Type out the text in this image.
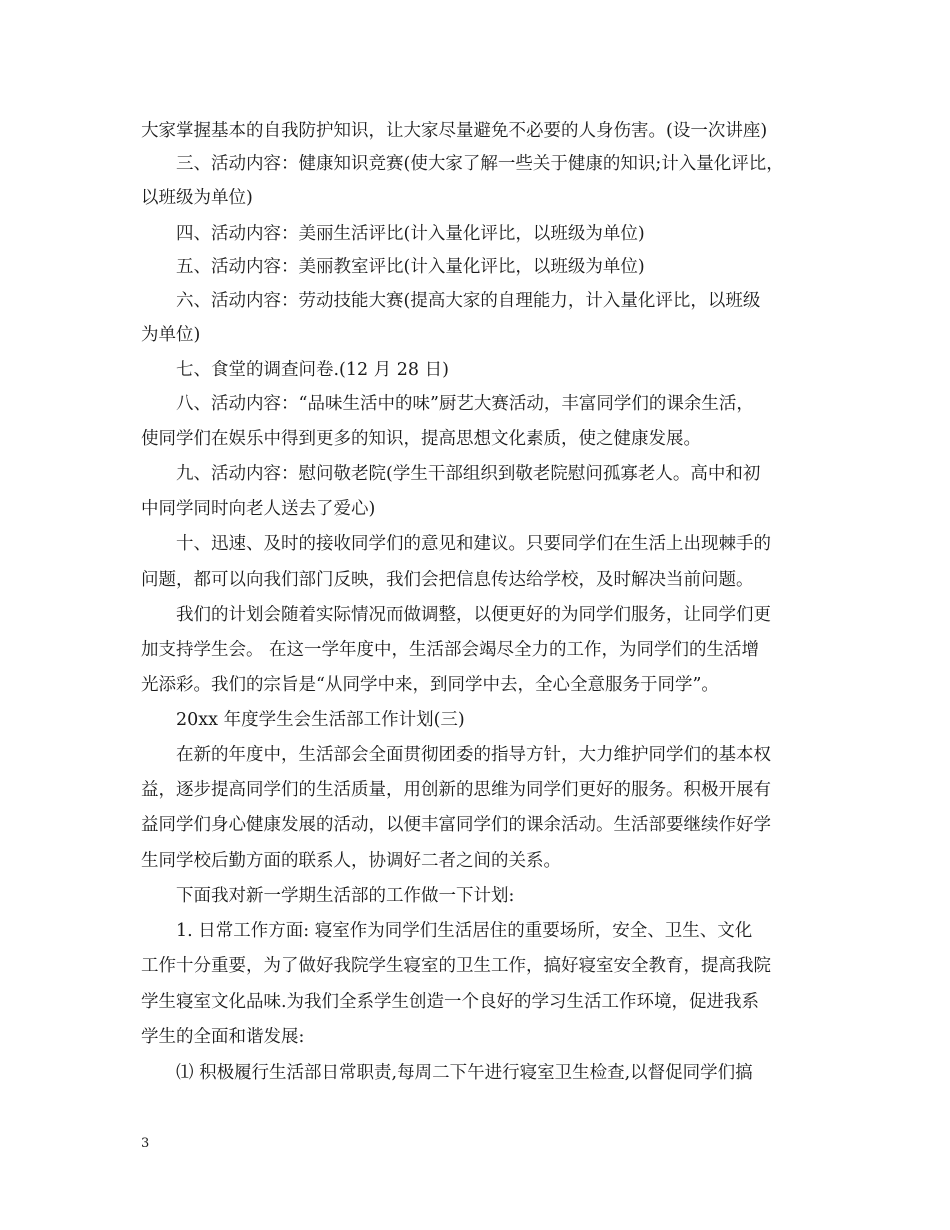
大家掌握基本的自我防护知识，让大家尽量避免不必要的人身伤害。(设一次讲座)
三、活动内容：健康知识竞赛(使大家了解一些关于健康的知识;计入量化评比，
以班级为单位)
四、活动内容：美丽生活评比(计入量化评比，以班级为单位)
五、活动内容：美丽教室评比(计入量化评比，以班级为单位)
六、活动内容：劳动技能大赛(提高大家的自理能力，计入量化评比，以班级
为单位)
七、食堂的调查问卷.(12 月 28 日)
八、活动内容：“品味生活中的味”厨艺大赛活动，丰富同学们的课余生活，
使同学们在娱乐中得到更多的知识，提高思想文化素质，使之健康发展。
九、活动内容：慰问敬老院(学生干部组织到敬老院慰问孤寡老人。高中和初
中同学同时向老人送去了爱心)
十、迅速、及时的接收同学们的意见和建议。只要同学们在生活上出现棘手的
问题，都可以向我们部门反映，我们会把信息传达给学校，及时解决当前问题。
我们的计划会随着实际情况而做调整，以便更好的为同学们服务，让同学们更
加支持学生会。 在这一学年度中，生活部会竭尽全力的工作，为同学们的生活增
光添彩。我们的宗旨是“从同学中来，到同学中去，全心全意服务于同学”。
20xx 年度学生会生活部工作计划(三)
在新的年度中，生活部会全面贯彻团委的指导方针，大力维护同学们的基本权
益，逐步提高同学们的生活质量，用创新的思维为同学们更好的服务。积极开展有
益同学们身心健康发展的活动，以便丰富同学们的课余活动。生活部要继续作好学
生同学校后勤方面的联系人，协调好二者之间的关系。
下面我对新一学期生活部的工作做一下计划:
1. 日常工作方面: 寝室作为同学们生活居住的重要场所，安全、卫生、文化
工作十分重要，为了做好我院学生寝室的卫生工作，搞好寝室安全教育，提高我院
学生寝室文化品味.为我们全系学生创造一个良好的学习生活工作环境，促进我系
学生的全面和谐发展:
⑴ 积极履行生活部日常职责,每周二下午进行寝室卫生检查,以督促同学们搞
3
